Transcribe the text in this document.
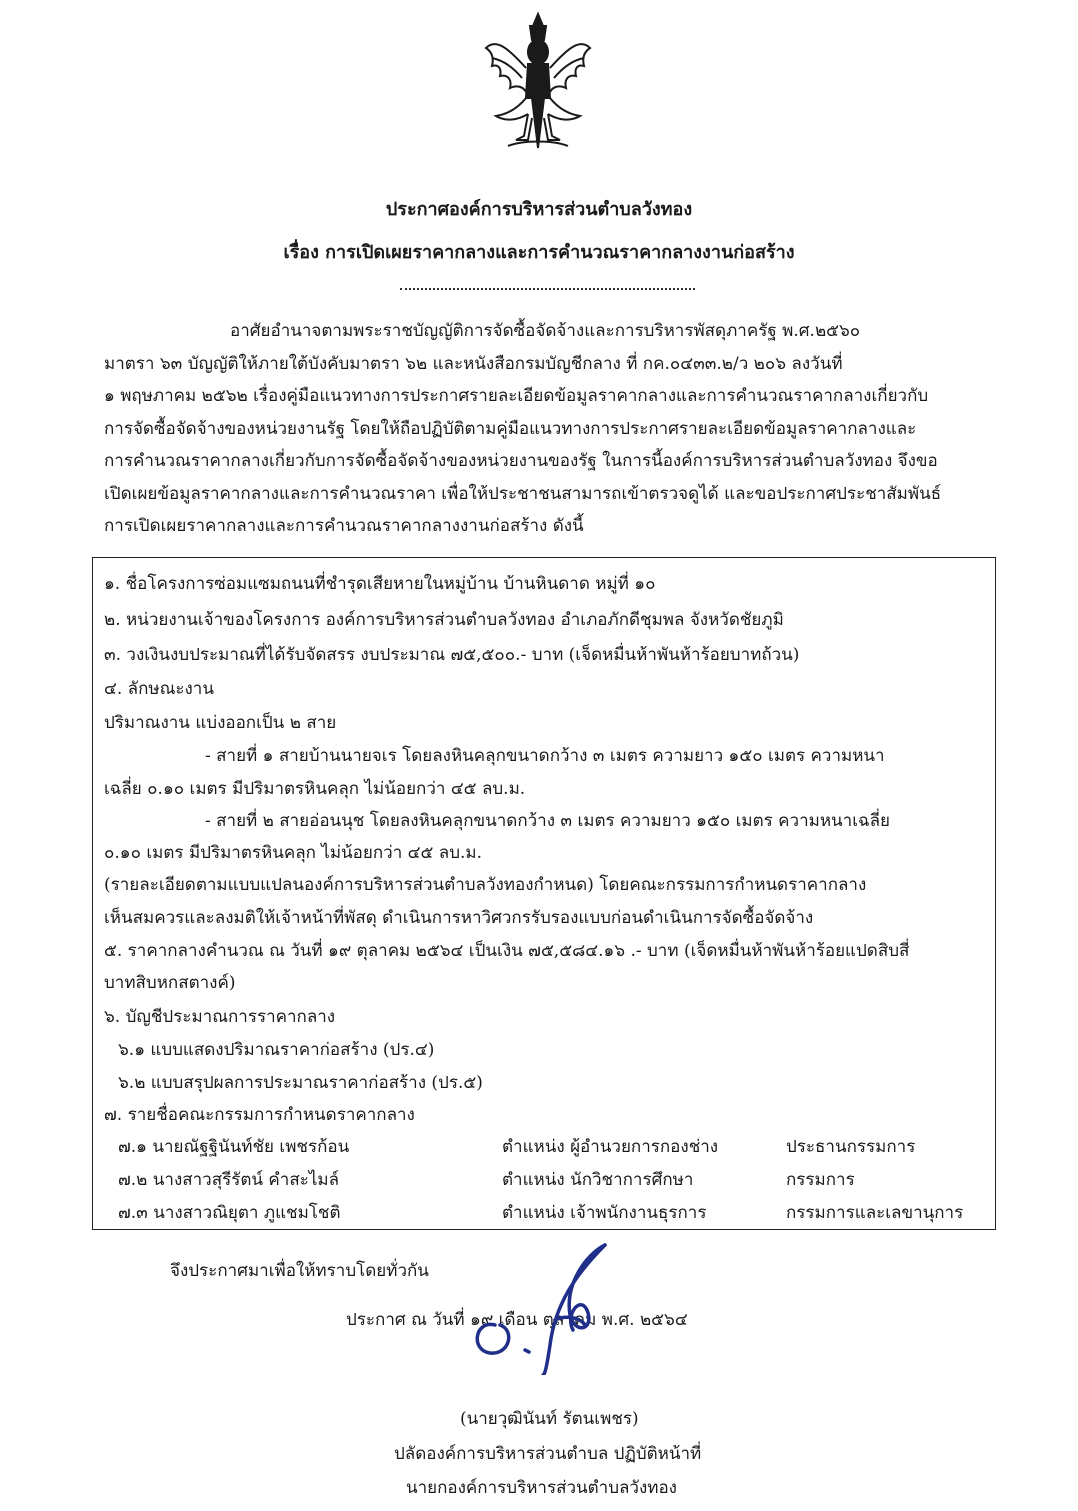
ประกาศองค์การบริหารส่วนตำบลวังทอง
เรื่อง การเปิดเผยราคากลางและการคำนวณราคากลางงานก่อสร้าง
อาศัยอำนาจตามพระราชบัญญัติการจัดซื้อจัดจ้างและการบริหารพัสดุภาครัฐ พ.ศ.๒๕๖๐
มาตรา ๖๓ บัญญัติให้ภายใต้บังคับมาตรา ๖๒ และหนังสือกรมบัญชีกลาง ที่ กค.๐๔๓๓.๒/ว ๒๐๖ ลงวันที่
๑ พฤษภาคม ๒๕๖๒ เรื่องคู่มือแนวทางการประกาศรายละเอียดข้อมูลราคากลางและการคำนวณราคากลางเกี่ยวกับ
การจัดซื้อจัดจ้างของหน่วยงานรัฐ โดยให้ถือปฏิบัติตามคู่มือแนวทางการประกาศรายละเอียดข้อมูลราคากลางและ
การคำนวณราคากลางเกี่ยวกับการจัดซื้อจัดจ้างของหน่วยงานของรัฐ ในการนี้องค์การบริหารส่วนตำบลวังทอง จึงขอ
เปิดเผยข้อมูลราคากลางและการคำนวณราคา เพื่อให้ประชาชนสามารถเข้าตรวจดูได้ และขอประกาศประชาสัมพันธ์
การเปิดเผยราคากลางและการคำนวณราคากลางงานก่อสร้าง ดังนี้
๑. ชื่อโครงการซ่อมแซมถนนที่ชำรุดเสียหายในหมู่บ้าน บ้านหินดาด หมู่ที่ ๑๐
๒. หน่วยงานเจ้าของโครงการ องค์การบริหารส่วนตำบลวังทอง อำเภอภักดีชุมพล จังหวัดชัยภูมิ
๓. วงเงินงบประมาณที่ได้รับจัดสรร งบประมาณ ๗๕,๕๐๐.- บาท (เจ็ดหมื่นห้าพันห้าร้อยบาทถ้วน)
๔. ลักษณะงาน
ปริมาณงาน แบ่งออกเป็น ๒ สาย
- สายที่ ๑ สายบ้านนายจเร โดยลงหินคลุกขนาดกว้าง ๓ เมตร ความยาว ๑๕๐ เมตร ความหนา
เฉลี่ย ๐.๑๐ เมตร มีปริมาตรหินคลุก ไม่น้อยกว่า ๔๕ ลบ.ม.
- สายที่ ๒ สายอ่อนนุช โดยลงหินคลุกขนาดกว้าง ๓ เมตร ความยาว ๑๕๐ เมตร ความหนาเฉลี่ย
๐.๑๐ เมตร มีปริมาตรหินคลุก ไม่น้อยกว่า ๔๕ ลบ.ม.
(รายละเอียดตามแบบแปลนองค์การบริหารส่วนตำบลวังทองกำหนด) โดยคณะกรรมการกำหนดราคากลาง
เห็นสมควรและลงมติให้เจ้าหน้าที่พัสดุ ดำเนินการหาวิศวกรรับรองแบบก่อนดำเนินการจัดซื้อจัดจ้าง
๕. ราคากลางคำนวณ ณ วันที่ ๑๙ ตุลาคม ๒๕๖๔ เป็นเงิน ๗๕,๕๘๔.๑๖ .- บาท (เจ็ดหมื่นห้าพันห้าร้อยแปดสิบสี่
บาทสิบหกสตางค์)
๖. บัญชีประมาณการราคากลาง
๖.๑ แบบแสดงปริมาณราคาก่อสร้าง (ปร.๔)
๖.๒ แบบสรุปผลการประมาณราคาก่อสร้าง (ปร.๕)
๗. รายชื่อคณะกรรมการกำหนดราคากลาง
๗.๑ นายณัฐฐินันท์ชัย เพชรก้อน	ตำแหน่ง ผู้อำนวยการกองช่าง	ประธานกรรมการ
๗.๒ นางสาวสุรีรัตน์ คำสะไมล์	ตำแหน่ง นักวิชาการศึกษา	กรรมการ
๗.๓ นางสาวณิยุตา ภูแชมโชติ	ตำแหน่ง เจ้าพนักงานธุรการ	กรรมการและเลขานุการ
จึงประกาศมาเพื่อให้ทราบโดยทั่วกัน
ประกาศ ณ วันที่ ๑๙ เดือน ตุลาคม พ.ศ. ๒๕๖๔
(นายวุฒินันท์ รัตนเพชร)
ปลัดองค์การบริหารส่วนตำบล ปฏิบัติหน้าที่
นายกองค์การบริหารส่วนตำบลวังทอง
